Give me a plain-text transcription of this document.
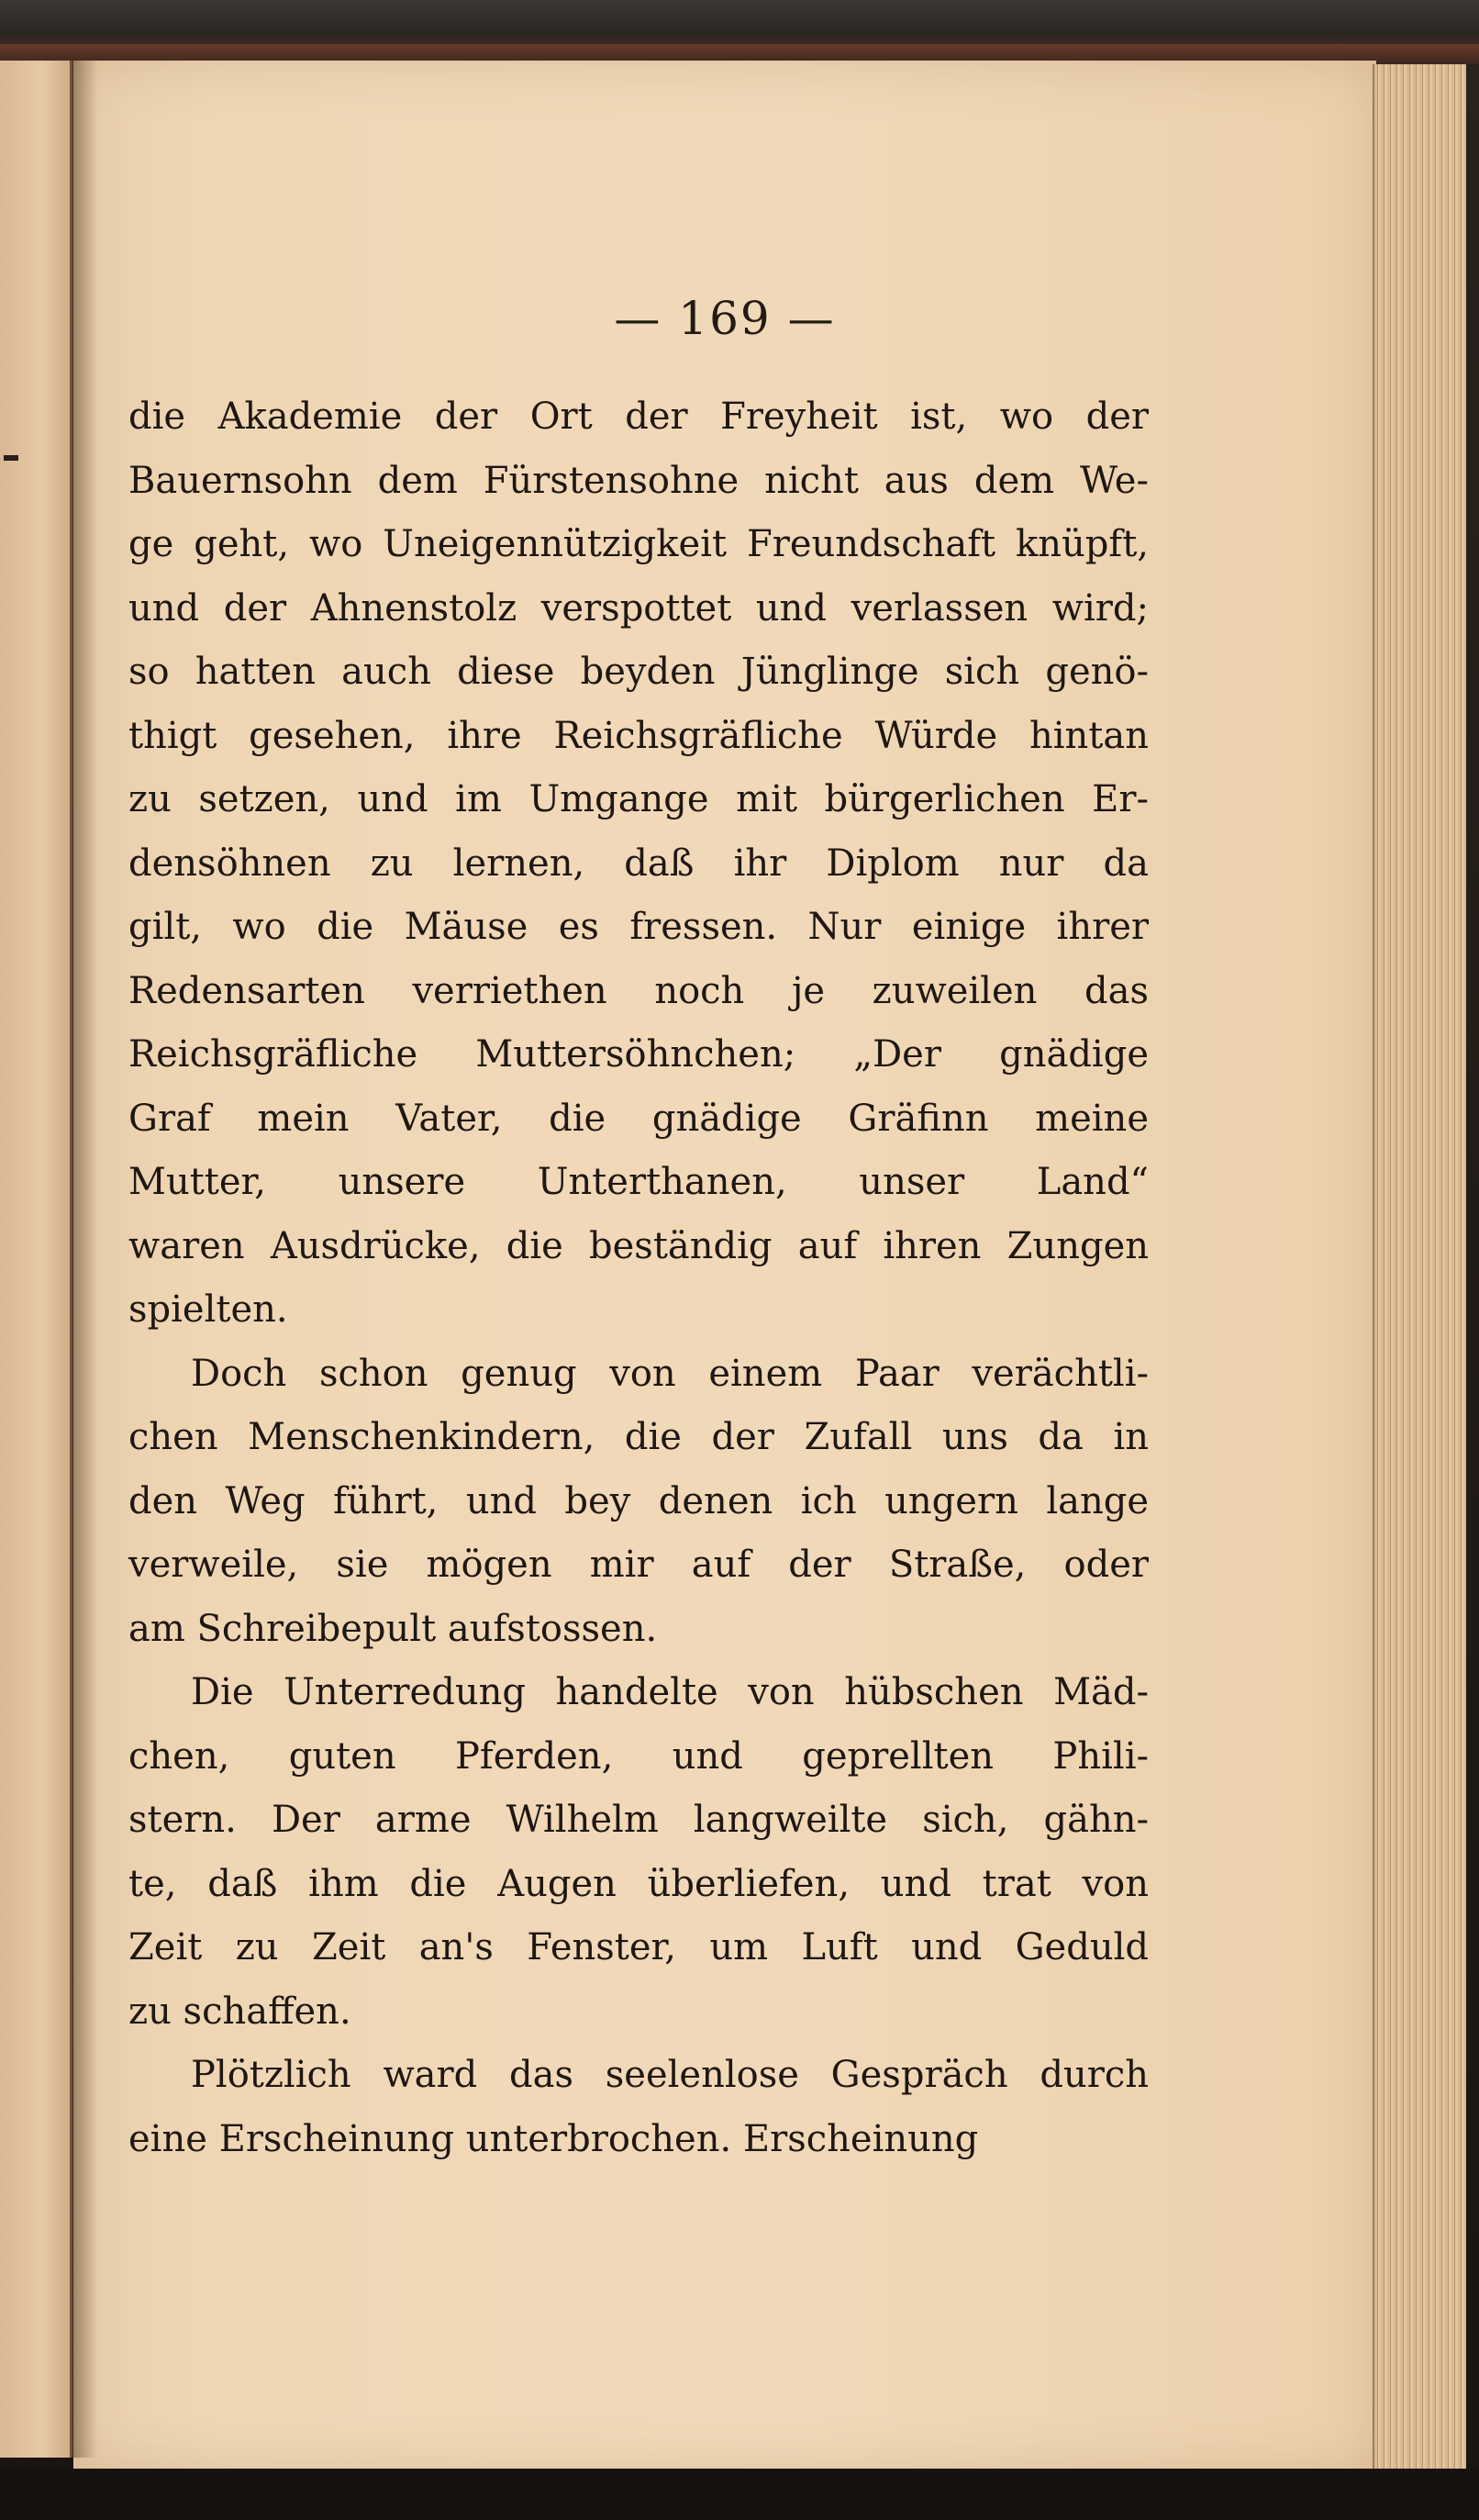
— 169 —
die Akademie der Ort der Freyheit ist, wo der
Bauernsohn dem Fürstensohne nicht aus dem We-
ge geht, wo Uneigennützigkeit Freundschaft knüpft,
und der Ahnenstolz verspottet und verlassen wird;
so hatten auch diese beyden Jünglinge sich genö-
thigt gesehen, ihre Reichsgräfliche Würde hintan
zu setzen, und im Umgange mit bürgerlichen Er-
densöhnen zu lernen, daß ihr Diplom nur da
gilt, wo die Mäuse es fressen. Nur einige ihrer
Redensarten verriethen noch je zuweilen das
Reichsgräfliche Muttersöhnchen; „Der gnädige
Graf mein Vater, die gnädige Gräfinn meine
Mutter, unsere Unterthanen, unser Land“
waren Ausdrücke, die beständig auf ihren Zungen
spielten.
Doch schon genug von einem Paar verächtli-
chen Menschenkindern, die der Zufall uns da in
den Weg führt, und bey denen ich ungern lange
verweile, sie mögen mir auf der Straße, oder
am Schreibepult aufstossen.
Die Unterredung handelte von hübschen Mäd-
chen, guten Pferden, und geprellten Phili-
stern. Der arme Wilhelm langweilte sich, gähn-
te, daß ihm die Augen überliefen, und trat von
Zeit zu Zeit an's Fenster, um Luft und Geduld
zu schaffen.
Plötzlich ward das seelenlose Gespräch durch
eine Erscheinung unterbrochen. Erscheinung
